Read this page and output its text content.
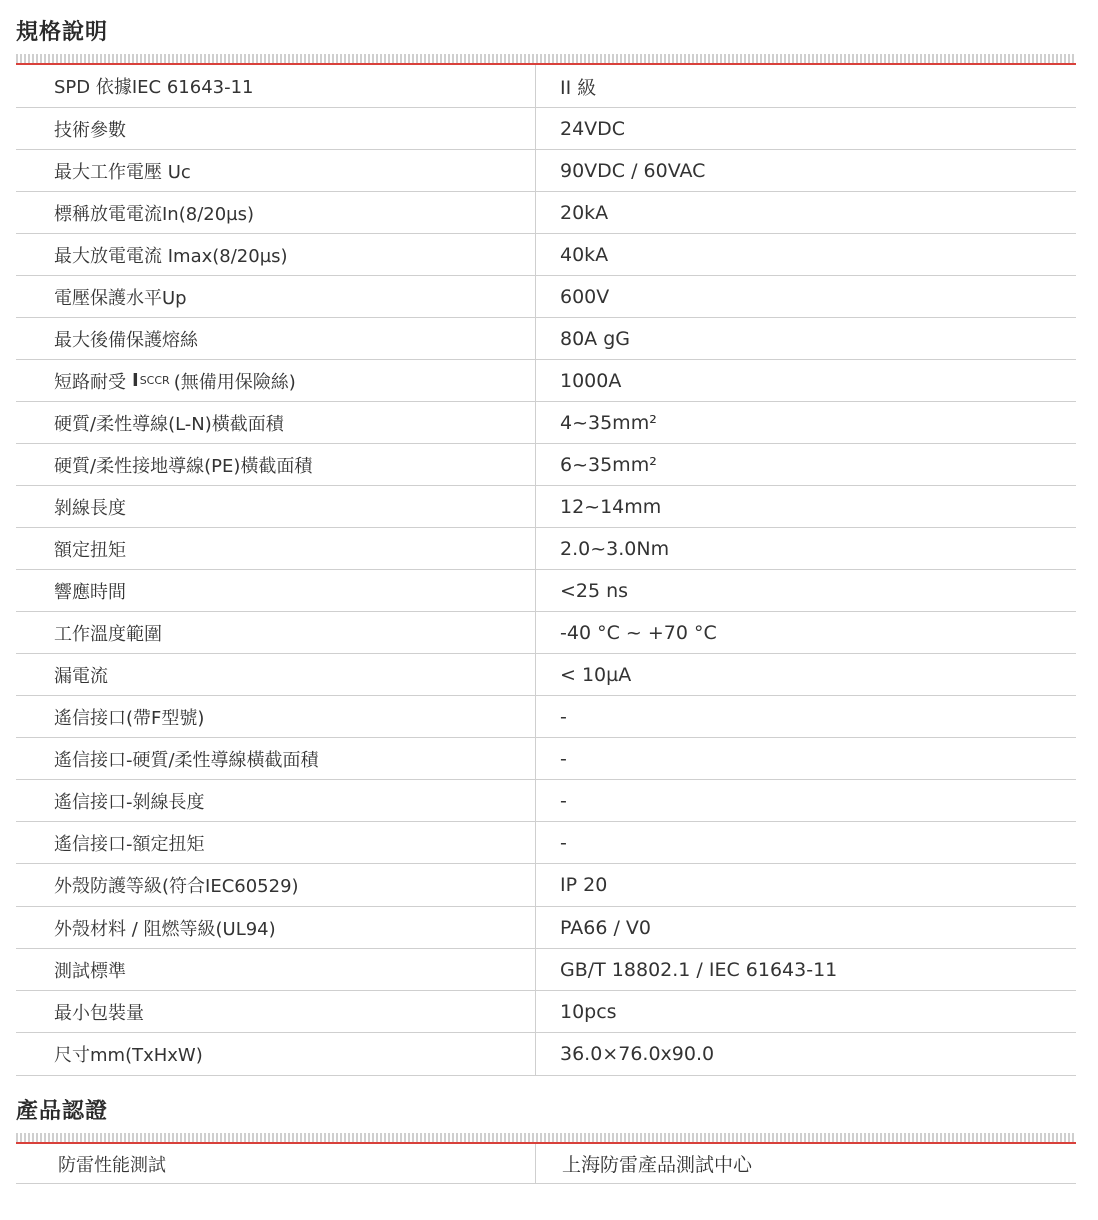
規格說明
SPD 依據IEC 61643-11	II 級
技術參數	24VDC
最大工作電壓 Uc	90VDC / 60VAC
標稱放電電流In(8/20µs)	20kA
最大放電電流 Imax(8/20µs)	40kA
電壓保護水平Up	600V
最大後備保護熔絲	80A gG
短路耐受 I SCCR (無備用保險絲)	1000A
硬質/柔性導線(L-N)橫截面積	4~35mm²
硬質/柔性接地導線(PE)橫截面積	6~35mm²
剝線長度	12~14mm
額定扭矩	2.0~3.0Nm
響應時間	<25 ns
工作溫度範圍	-40 °C ~ +70 °C
漏電流	< 10µA
遙信接口(帶F型號)	-
遙信接口-硬質/柔性導線橫截面積	-
遙信接口-剝線長度	-
遙信接口-額定扭矩	-
外殼防護等級(符合IEC60529)	IP 20
外殼材料 / 阻燃等級(UL94)	PA66 / V0
測試標準	GB/T 18802.1 / IEC 61643-11
最小包裝量	10pcs
尺寸mm(TxHxW)	36.0×76.0x90.0
產品認證
防雷性能測試	上海防雷產品測試中心
